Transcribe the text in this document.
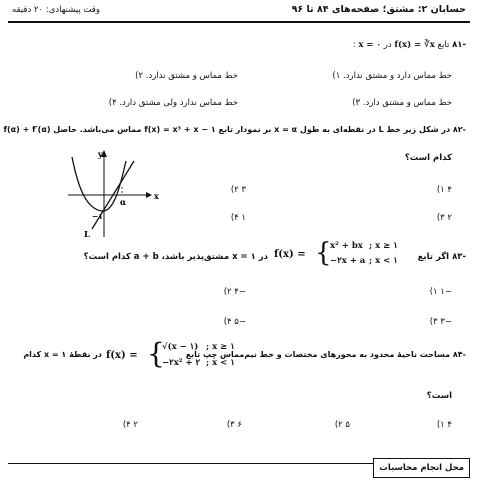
حسابان ۲: مشتق؛ صفحه‌های ۸۴ تا ۹۶
وقت پیشنهادی: ۲۰ دقیقه
-۸۱ تابع f(x) = ∛x در x = ۰ :
خط مماس دارد و مشتق ندارد. ۱)
خط مماس و مشتق ندارد. ۲)
خط مماس و مشتق دارد. ۳)
خط مماس ندارد ولی مشتق دارد. ۴)
-۸۲ در شکل زیر خط L در نقطه‌ای به طول x = α بر نمودار تابع f(x) = x³ + x − ۱ مماس می‌باشد. حاصل f(α) + f′(α)
کدام است؟
y
x
α
−۱
L
۴ ۱)
۳ ۲)
۲ ۳)
۱ ۴)
-۸۳ اگر تابع
f(x) = {
x² + bx ; x ≥ ۱
−۲x + a ; x < ۱
در x = ۱ مشتق‌پذیر باشد، a + b کدام است؟
−۱ ۱)
−۴ ۲)
−۳ ۳)
−۵ ۴)
-۸۴ مساحت ناحیهٔ محدود به محورهای مختصات و خط نیم‌مماس چپ تابع
f(x) = {
√(x − ۱) ; x ≥ ۱
−۲x² + ۲ ; x < ۱
در نقطهٔ x = ۱ کدام
است؟
۴ ۱)
۵ ۲)
۶ ۳)
۲ ۴)
محل انجام محاسبات
